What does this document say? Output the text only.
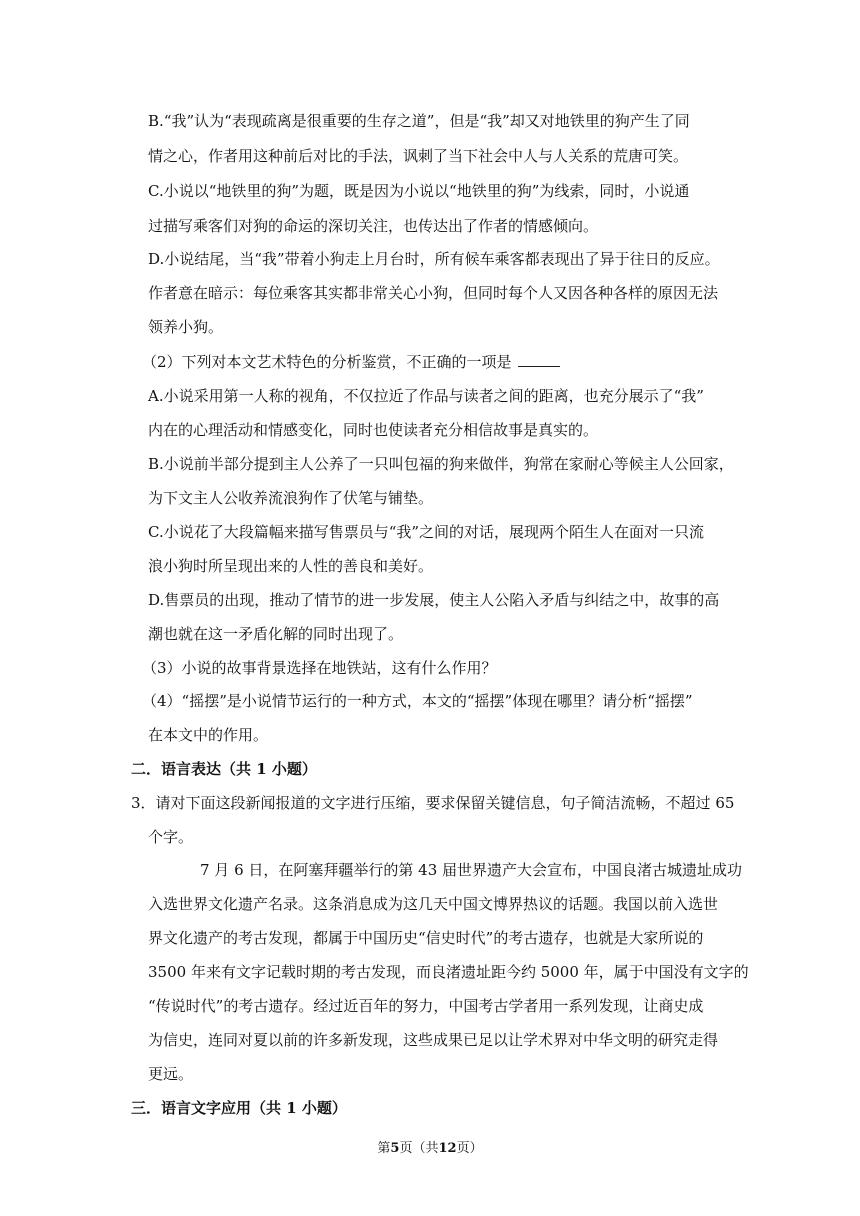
B.“我”认为“表现疏离是很重要的生存之道”，但是“我”却又对地铁里的狗产生了同
情之心，作者用这种前后对比的手法，讽刺了当下社会中人与人关系的荒唐可笑。
C.小说以“地铁里的狗”为题，既是因为小说以“地铁里的狗”为线索，同时，小说通
过描写乘客们对狗的命运的深切关注，也传达出了作者的情感倾向。
D.小说结尾，当“我”带着小狗走上月台时，所有候车乘客都表现出了异于往日的反应。
作者意在暗示：每位乘客其实都非常关心小狗，但同时每个人又因各种各样的原因无法
领养小狗。
（2）下列对本文艺术特色的分析鉴赏，不正确的一项是
A.小说采用第一人称的视角，不仅拉近了作品与读者之间的距离，也充分展示了“我”
内在的心理活动和情感变化，同时也使读者充分相信故事是真实的。
B.小说前半部分提到主人公养了一只叫包福的狗来做伴，狗常在家耐心等候主人公回家，
为下文主人公收养流浪狗作了伏笔与铺垫。
C.小说花了大段篇幅来描写售票员与“我”之间的对话，展现两个陌生人在面对一只流
浪小狗时所呈现出来的人性的善良和美好。
D.售票员的出现，推动了情节的进一步发展，使主人公陷入矛盾与纠结之中，故事的高
潮也就在这一矛盾化解的同时出现了。
（3）小说的故事背景选择在地铁站，这有什么作用？
（4）“摇摆”是小说情节运行的一种方式，本文的“摇摆”体现在哪里？请分析“摇摆”
在本文中的作用。
二．语言表达（共 1 小题）
3．请对下面这段新闻报道的文字进行压缩，要求保留关键信息，句子简洁流畅，不超过 65
个字。
7 月 6 日，在阿塞拜疆举行的第 43 届世界遗产大会宣布，中国良渚古城遗址成功
入选世界文化遗产名录。这条消息成为这几天中国文博界热议的话题。我国以前入选世
界文化遗产的考古发现，都属于中国历史“信史时代”的考古遗存，也就是大家所说的
3500 年来有文字记载时期的考古发现，而良渚遗址距今约 5000 年，属于中国没有文字的
“传说时代”的考古遗存。经过近百年的努力，中国考古学者用一系列发现，让商史成
为信史，连同对夏以前的许多新发现，这些成果已足以让学术界对中华文明的研究走得
更远。
三．语言文字应用（共 1 小题）
第5页（共12页）
